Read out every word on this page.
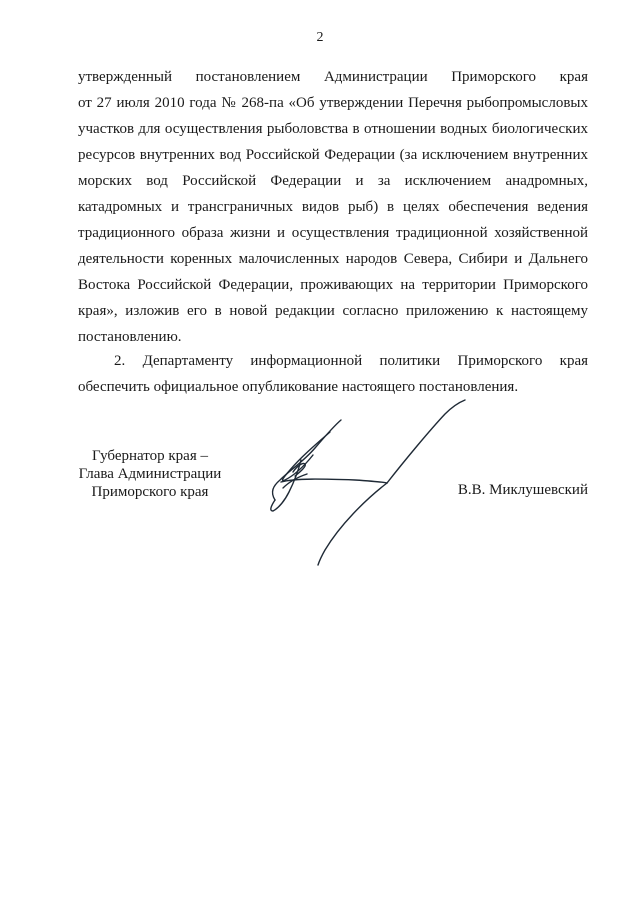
2
утвержденный постановлением Администрации Приморского края
от 27 июля 2010 года № 268-па «Об утверждении Перечня рыбопромысловых
участков для осуществления рыболовства в отношении водных биологических
ресурсов внутренних вод Российской Федерации (за исключением внутренних
морских вод Российской Федерации и за исключением анадромных,
катадромных и трансграничных видов рыб) в целях обеспечения ведения
традиционного образа жизни и осуществления традиционной хозяйственной
деятельности коренных малочисленных народов Севера, Сибири и Дальнего
Востока Российской Федерации, проживающих на территории Приморского
края», изложив его в новой редакции согласно приложению к настоящему
постановлению.
2. Департаменту информационной политики Приморского края
обеспечить официальное опубликование настоящего постановления.
Губернатор края –
Глава Администрации
Приморского края	В.В. Миклушевский
